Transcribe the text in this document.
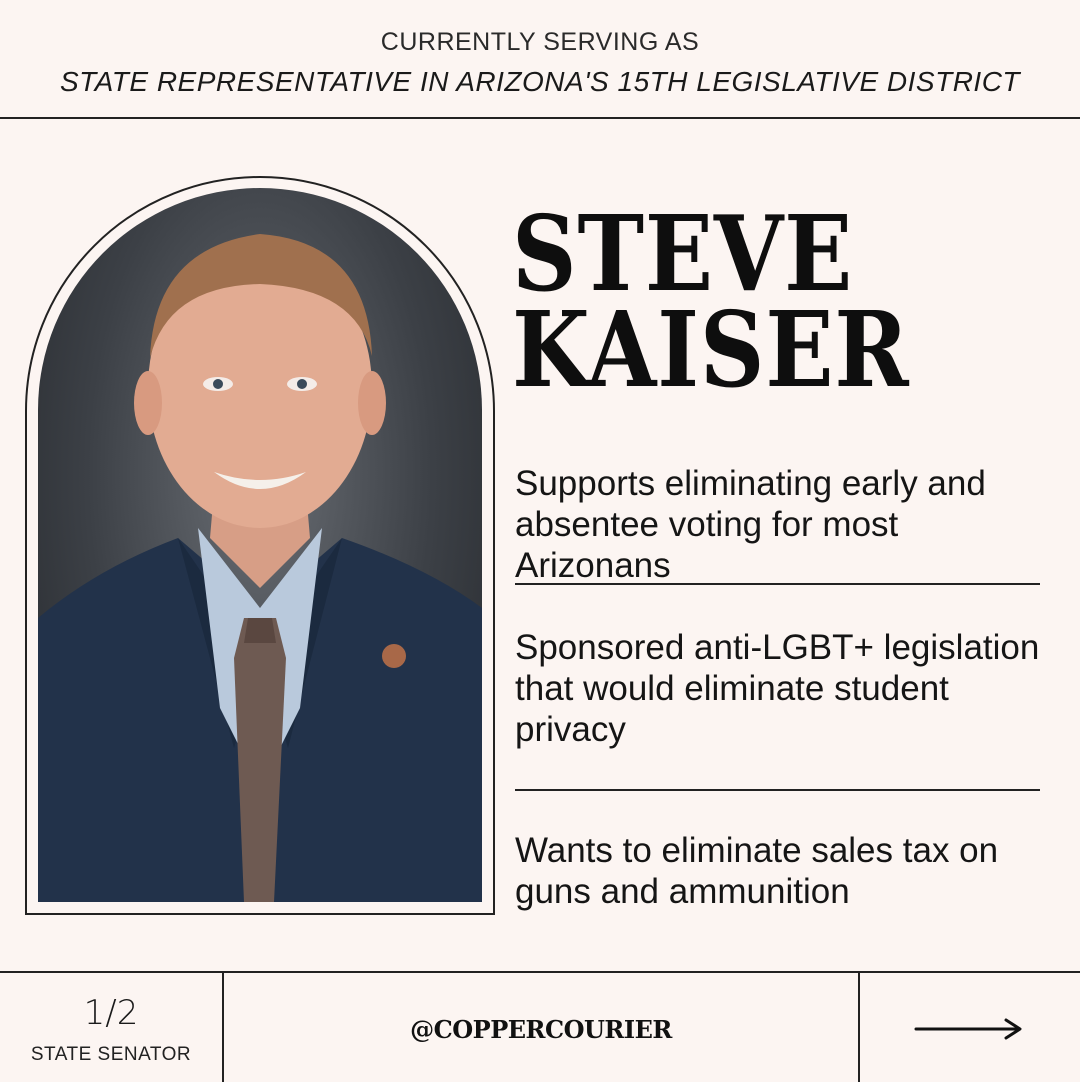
CURRENTLY SERVING AS
STATE REPRESENTATIVE IN ARIZONA'S 15TH LEGISLATIVE DISTRICT
STEVE
KAISER
Supports eliminating early and absentee voting for most Arizonans
Sponsored anti-LGBT+ legislation that would eliminate student privacy
Wants to eliminate sales tax on guns and ammunition
1/2
STATE SENATOR
@COPPERCOURIER
